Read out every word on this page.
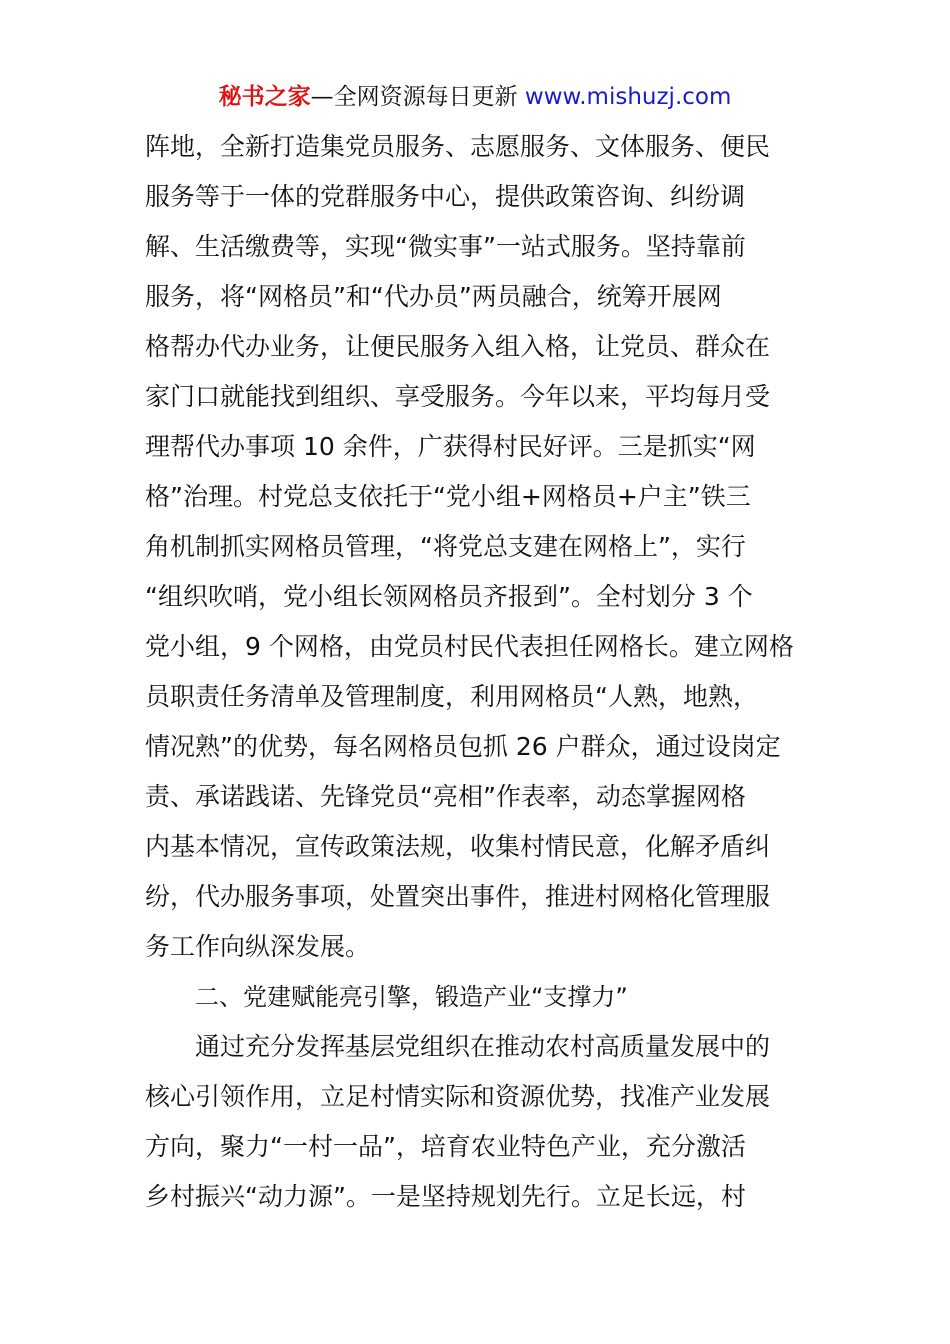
秘书之家—全网资源每日更新 www.mishuzj.com
阵地，全新打造集党员服务、志愿服务、文体服务、便民
服务等于一体的党群服务中心，提供政策咨询、纠纷调
解、生活缴费等，实现“微实事”一站式服务。坚持靠前
服务，将“网格员”和“代办员”两员融合，统筹开展网
格帮办代办业务，让便民服务入组入格，让党员、群众在
家门口就能找到组织、享受服务。今年以来，平均每月受
理帮代办事项 10 余件，广获得村民好评。三是抓实“网
格”治理。村党总支依托于“党小组+网格员+户主”铁三
角机制抓实网格员管理，“将党总支建在网格上”，实行
“组织吹哨，党小组长领网格员齐报到”。全村划分 3 个
党小组，9 个网格，由党员村民代表担任网格长。建立网格
员职责任务清单及管理制度，利用网格员“人熟，地熟，
情况熟”的优势，每名网格员包抓 26 户群众，通过设岗定
责、承诺践诺、先锋党员“亮相”作表率，动态掌握网格
内基本情况，宣传政策法规，收集村情民意，化解矛盾纠
纷，代办服务事项，处置突出事件，推进村网格化管理服
务工作向纵深发展。
二、党建赋能亮引擎，锻造产业“支撑力”
通过充分发挥基层党组织在推动农村高质量发展中的
核心引领作用，立足村情实际和资源优势，找准产业发展
方向，聚力“一村一品”，培育农业特色产业，充分激活
乡村振兴“动力源”。一是坚持规划先行。立足长远，村
